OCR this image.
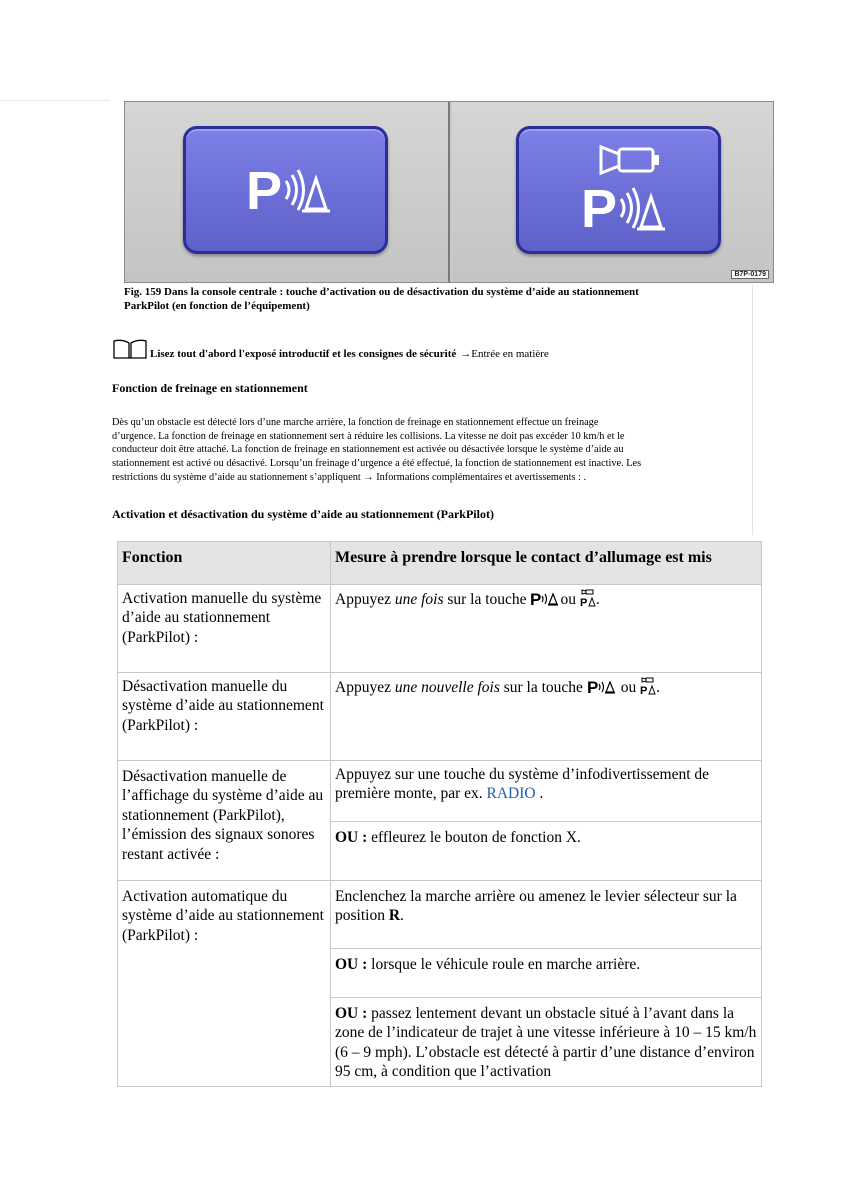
P	P
B7P-0179
Fig. 159 Dans la console centrale : touche d’activation ou de désactivation du système d’aide au stationnement
ParkPilot (en fonction de l’équipement)
Lisez tout d'abord l'exposé introductif et les consignes de sécurité →Entrée en matière
Fonction de freinage en stationnement
Dès qu’un obstacle est détecté lors d’une marche arrière, la fonction de freinage en stationnement effectue un freinage
d’urgence. La fonction de freinage en stationnement sert à réduire les collisions. La vitesse ne doit pas excéder 10 km/h et le
conducteur doit être attaché. La fonction de freinage en stationnement est activée ou désactivée lorsque le système d’aide au
stationnement est activé ou désactivé. Lorsqu’un freinage d’urgence a été effectué, la fonction de stationnement est inactive. Les
restrictions du système d’aide au stationnement s’appliquent → Informations complémentaires et avertissements : .
Activation et désactivation du système d’aide au stationnement (ParkPilot)
Fonction	Mesure à prendre lorsque le contact d’allumage est mis
Activation manuelle du système d’aide au stationnement (ParkPilot) :	Appuyez une fois sur la touche P ou P .
Désactivation manuelle du système d’aide au stationnement (ParkPilot) :	Appuyez une nouvelle fois sur la touche P ou P .
Désactivation manuelle de l’affichage du système d’aide au stationnement (ParkPilot), l’émission des signaux sonores restant activée :	Appuyez sur une touche du système d’infodivertissement de première monte, par ex. RADIO .
	OU : effleurez le bouton de fonction X.
Activation automatique du système d’aide au stationnement (ParkPilot) :	Enclenchez la marche arrière ou amenez le levier sélecteur sur la position R.
	OU : lorsque le véhicule roule en marche arrière.
	OU : passez lentement devant un obstacle situé à l’avant dans la zone de l’indicateur de trajet à une vitesse inférieure à 10 – 15 km/h (6 – 9 mph). L’obstacle est détecté à partir d’une distance d’environ 95 cm, à condition que l’activation
